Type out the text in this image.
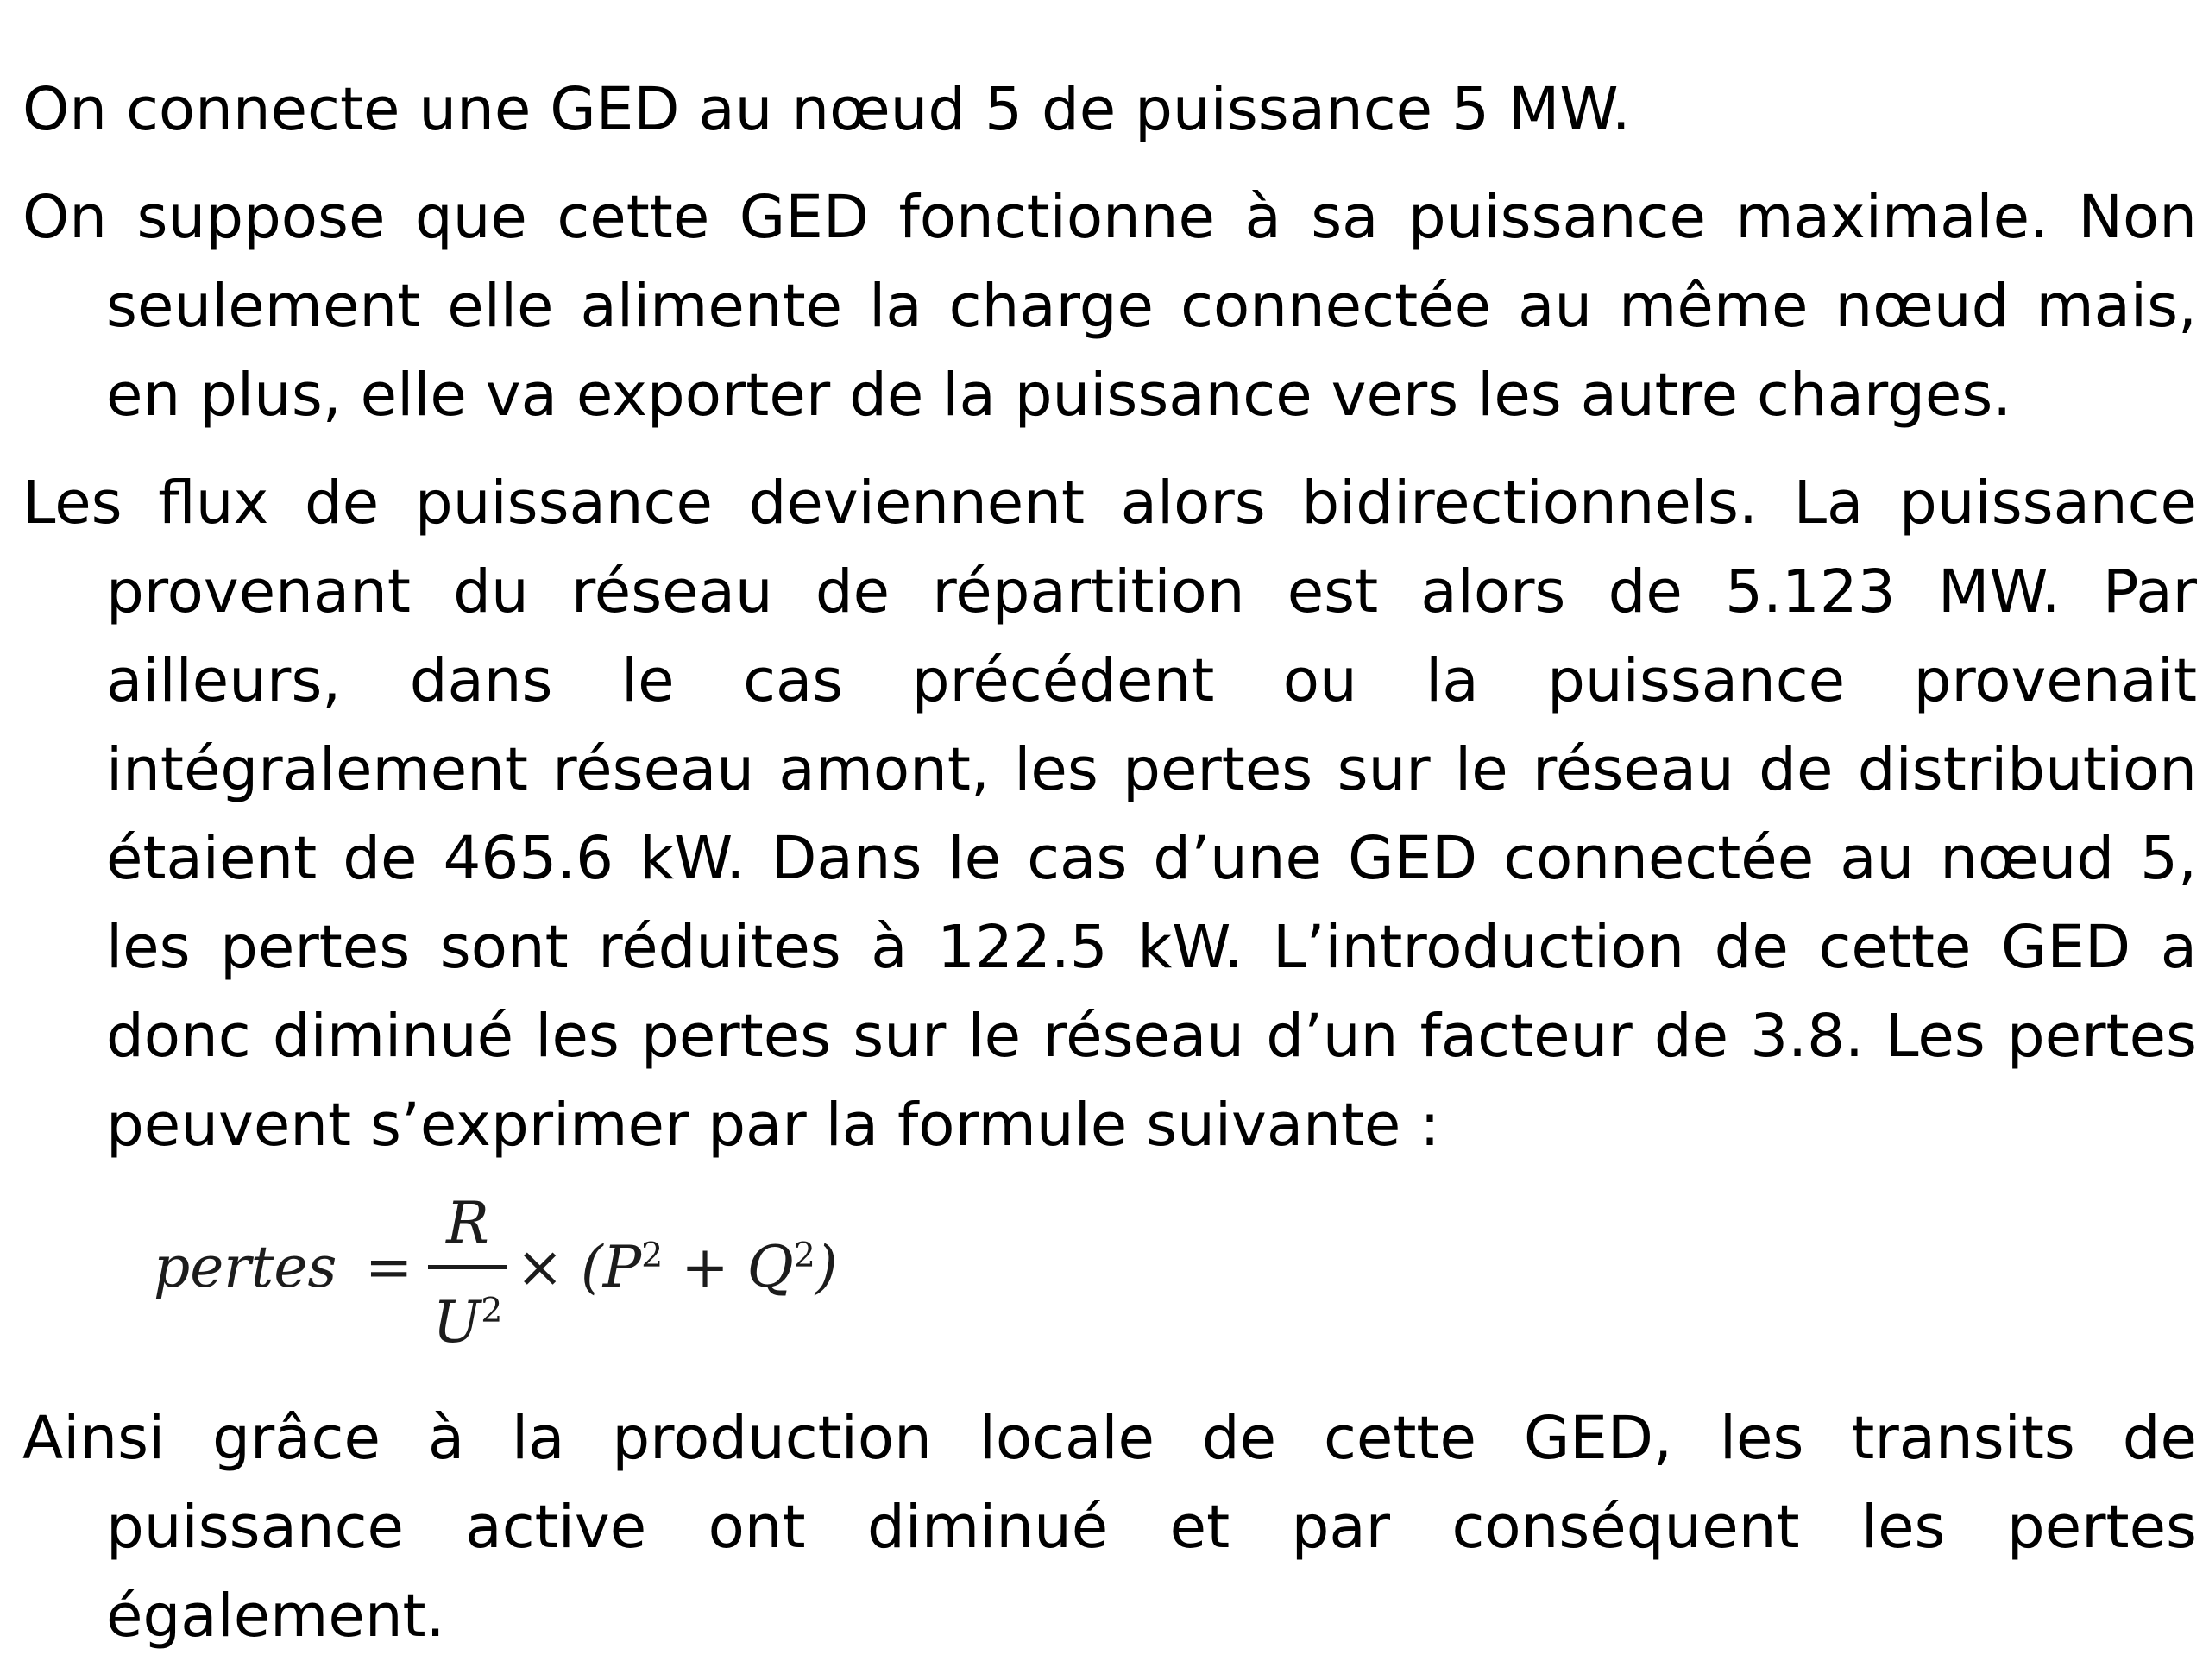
On connecte une GED au nœud 5 de puissance 5 MW.

On suppose que cette GED fonctionne à sa puissance maximale. Non seulement elle alimente la charge connectée au même nœud mais, en plus, elle va exporter de la puissance vers les autre charges.

Les flux de puissance deviennent alors bidirectionnels. La puissance provenant du réseau de répartition est alors de 5.123 MW. Par ailleurs, dans le cas précédent ou la puissance provenait intégralement réseau amont, les pertes sur le réseau de distribution étaient de 465.6 kW. Dans le cas d’une GED connectée au nœud 5, les pertes sont réduites à 122.5 kW. L’introduction de cette GED a donc diminué les pertes sur le réseau d’un facteur de 3.8. Les pertes peuvent s’exprimer par la formule suivante :

pertes =
R
$U^2$
× $(P^2 + Q^2)$

Ainsi grâce à la production locale de cette GED, les transits de puissance active ont diminué et par conséquent les pertes également.
